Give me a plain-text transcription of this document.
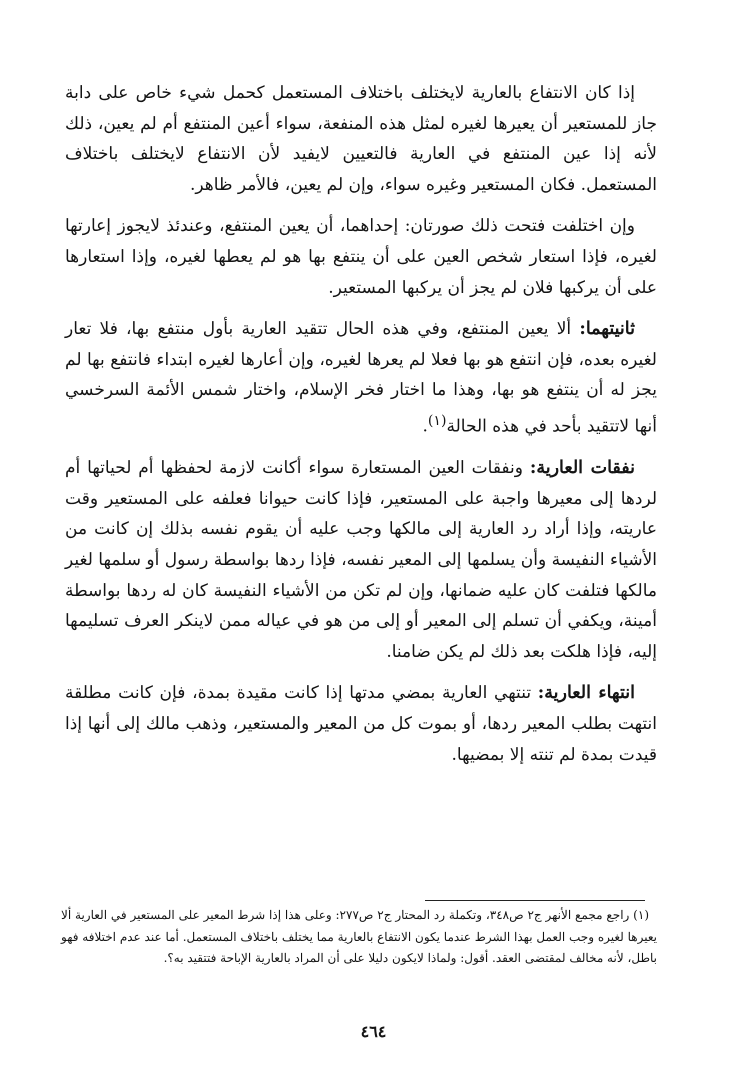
إذا كان الانتفاع بالعارية لايختلف باختلاف المستعمل كحمل شيء خاص على دابة جاز للمستعير أن يعيرها لغيره لمثل هذه المنفعة، سواء أعين المنتفع أم لم يعين، ذلك لأنه إذا عين المنتفع في العارية فالتعيين لايفيد لأن الانتفاع لايختلف باختلاف المستعمل. فكان المستعير وغيره سواء، وإن لم يعين، فالأمر ظاهر.

وإن اختلفت فتحت ذلك صورتان: إحداهما، أن يعين المنتفع، وعندئذ لايجوز إعارتها لغيره، فإذا استعار شخص العين على أن ينتفع بها هو لم يعطها لغيره، وإذا استعارها على أن يركبها فلان لم يجز أن يركبها المستعير.

ثانيتهما: ألا يعين المنتفع، وفي هذه الحال تتقيد العارية بأول منتفع بها، فلا تعار لغيره بعده، فإن انتفع هو بها فعلا لم يعرها لغيره، وإن أعارها لغيره ابتداء فانتفع بها لم يجز له أن ينتفع هو بها، وهذا ما اختار فخر الإسلام، واختار شمس الأئمة السرخسي أنها لاتتقيد بأحد في هذه الحالة$^{(١)}$.

نفقات العارية: ونفقات العين المستعارة سواء أكانت لازمة لحفظها أم لحياتها أم لردها إلى معيرها واجبة على المستعير، فإذا كانت حيوانا فعلفه على المستعير وقت عاريته، وإذا أراد رد العارية إلى مالكها وجب عليه أن يقوم نفسه بذلك إن كانت من الأشياء النفيسة وأن يسلمها إلى المعير نفسه، فإذا ردها بواسطة رسول أو سلمها لغير مالكها فتلفت كان عليه ضمانها، وإن لم تكن من الأشياء النفيسة كان له ردها بواسطة أمينة، ويكفي أن تسلم إلى المعير أو إلى من هو في عياله ممن لاينكر العرف تسليمها إليه، فإذا هلكت بعد ذلك لم يكن ضامنا.

انتهاء العارية: تنتهي العارية بمضي مدتها إذا كانت مقيدة بمدة، فإن كانت مطلقة انتهت بطلب المعير ردها، أو بموت كل من المعير والمستعير، وذهب مالك إلى أنها إذا قيدت بمدة لم تنته إلا بمضيها.

(١) راجع مجمع الأنهر ج٢ ص٣٤٨، وتكملة رد المحتار ج٢ ص٢٧٧: وعلى هذا إذا شرط المعير على المستعير في العارية ألا يعيرها لغيره وجب العمل بهذا الشرط عندما يكون الانتفاع بالعارية مما يختلف باختلاف المستعمل. أما عند عدم اختلافه فهو باطل، لأنه مخالف لمقتضى العقد. أقول: ولماذا لايكون دليلا على أن المراد بالعارية الإباحة فتتقيد به؟.

٤٦٤
